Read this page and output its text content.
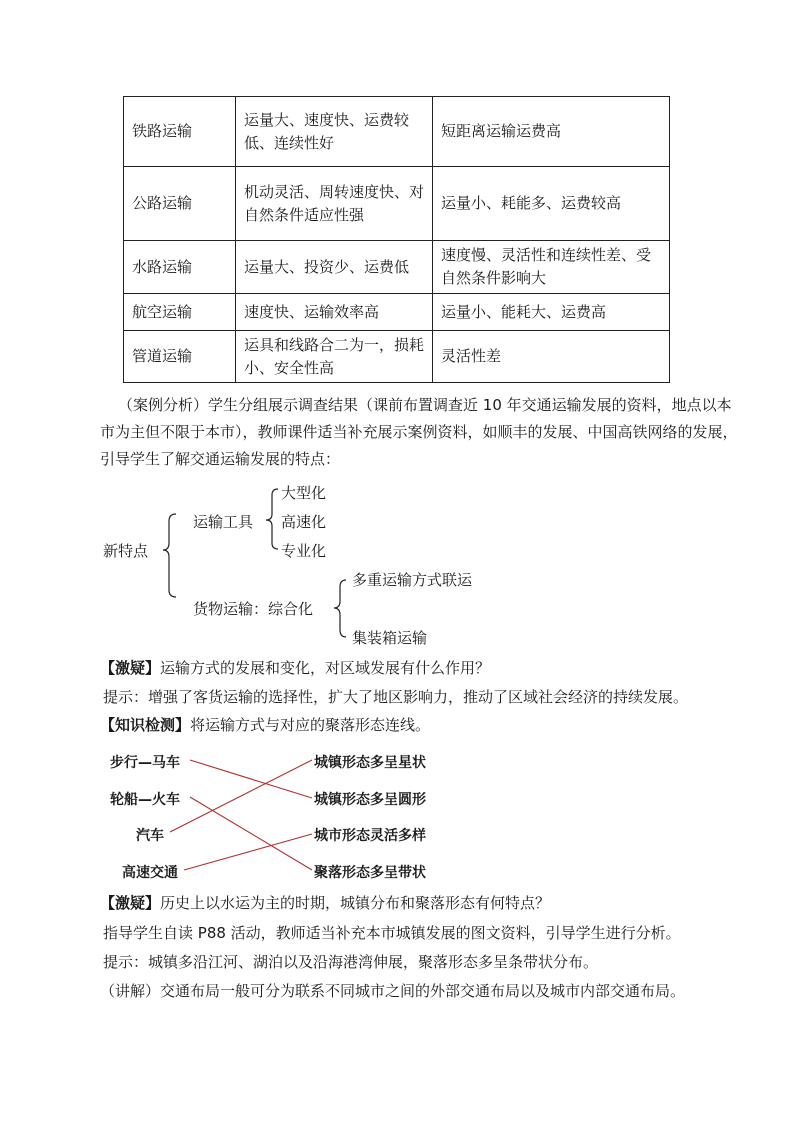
铁路运输	运量大、速度快、运费较低、连续性好	短距离运输运费高
公路运输	机动灵活、周转速度快、对自然条件适应性强	运量小、耗能多、运费较高
水路运输	运量大、投资少、运费低	速度慢、灵活性和连续性差、受自然条件影响大
航空运输	速度快、运输效率高	运量小、能耗大、运费高
管道运输	运具和线路合二为一，损耗小、安全性高	灵活性差
（案例分析）学生分组展示调查结果（课前布置调查近 10 年交通运输发展的资料，地点以本市为主但不限于本市），教师课件适当补充展示案例资料，如顺丰的发展、中国高铁网络的发展，引导学生了解交通运输发展的特点：
新特点
运输工具
大型化
高速化
专业化
货物运输：综合化
多重运输方式联运
集装箱运输
【激疑】运输方式的发展和变化，对区域发展有什么作用？
提示：增强了客货运输的选择性，扩大了地区影响力，推动了区域社会经济的持续发展。
【知识检测】将运输方式与对应的聚落形态连线。
步行—马车
轮船—火车
汽车
高速交通
城镇形态多呈星状
城镇形态多呈圆形
城市形态灵活多样
聚落形态多呈带状
【激疑】历史上以水运为主的时期，城镇分布和聚落形态有何特点？
指导学生自读 P88 活动，教师适当补充本市城镇发展的图文资料，引导学生进行分析。
提示：城镇多沿江河、湖泊以及沿海港湾伸展，聚落形态多呈条带状分布。
（讲解）交通布局一般可分为联系不同城市之间的外部交通布局以及城市内部交通布局。
